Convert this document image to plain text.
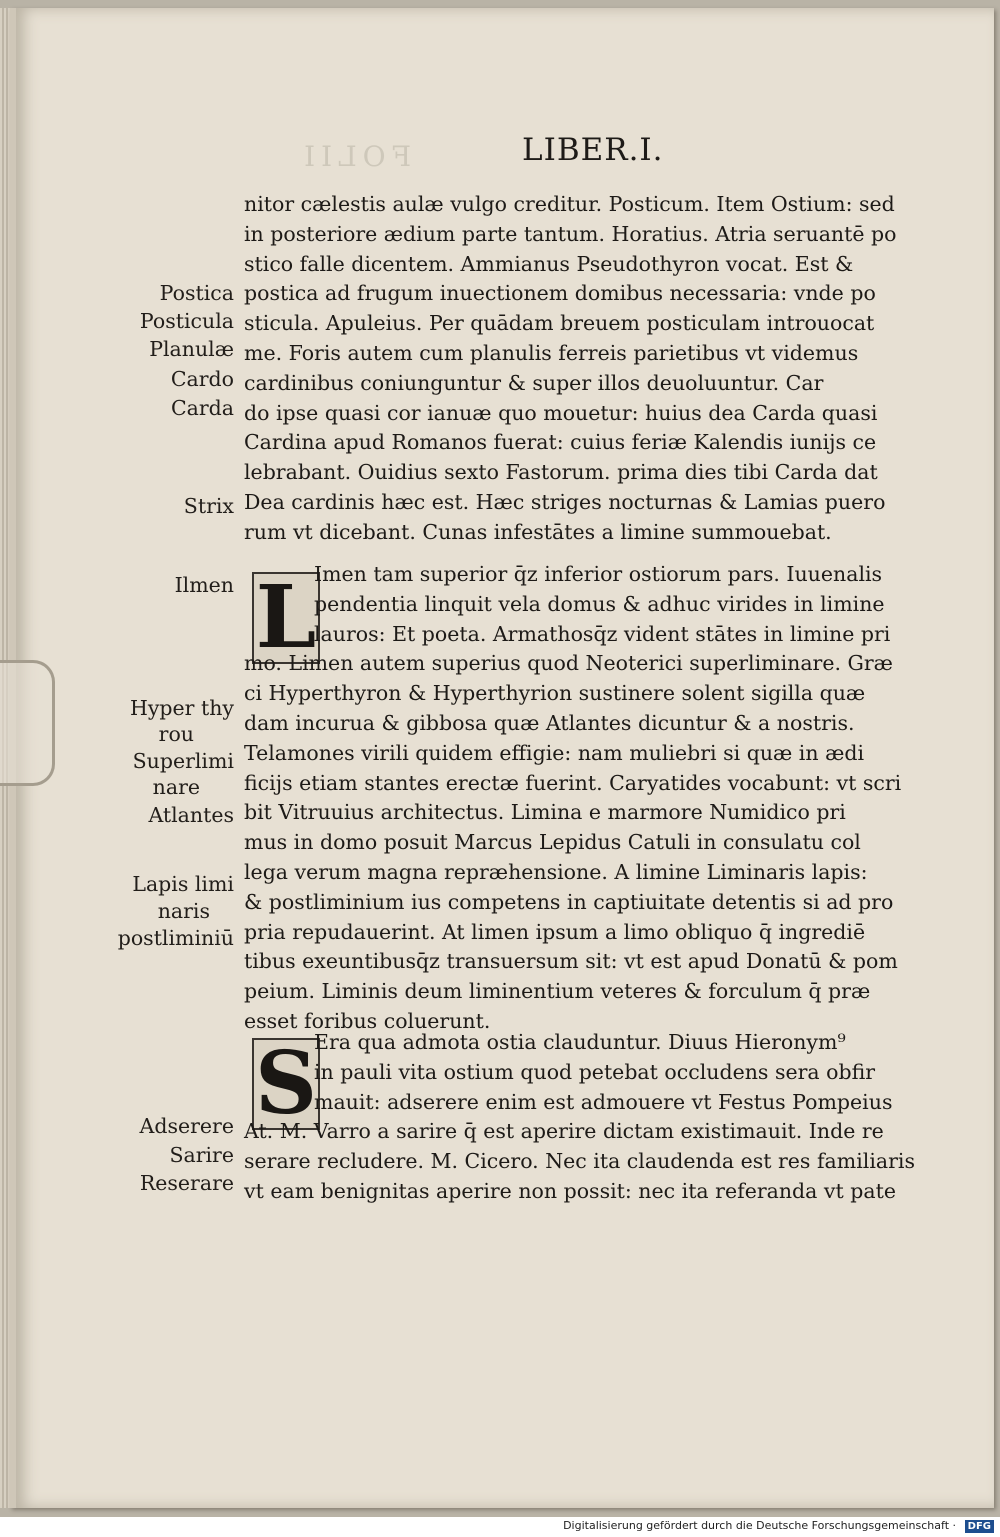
FOLII	LIBER.I.
nitor cælestis aulæ vulgo creditur. Posticum. Item Ostium: sed
in posteriore ædium parte tantum. Horatius. Atria seruantē po
stico falle dicentem. Ammianus Pseudothyron vocat. Est &
postica ad frugum inuectionem domibus necessaria: vnde po
sticula. Apuleius. Per quādam breuem posticulam introuocat
me. Foris autem cum planulis ferreis parietibus vt videmus
cardinibus coniunguntur & super illos deuoluuntur. Car
do ipse quasi cor ianuæ quo mouetur: huius dea Carda quasi
Cardina apud Romanos fuerat: cuius feriæ Kalendis iunijs ce
lebrabant. Ouidius sexto Fastorum. prima dies tibi Carda dat
Dea cardinis hæc est. Hæc striges nocturnas & Lamias puero
rum vt dicebant. Cunas infestātes a limine summouebat.
L
Imen tam superior q̄z inferior ostiorum pars. Iuuenalis
pendentia linquit vela domus & adhuc virides in limine
lauros: Et poeta. Armathosq̄z vident stātes in limine pri
mo. Limen autem superius quod Neoterici superliminare. Græ
ci Hyperthyron & Hyperthyrion sustinere solent sigilla quæ
dam incurua & gibbosa quæ Atlantes dicuntur & a nostris.
Telamones virili quidem effigie: nam muliebri si quæ in ædi
ficijs etiam stantes erectæ fuerint. Caryatides vocabunt: vt scri
bit Vitruuius architectus. Limina e marmore Numidico pri
mus in domo posuit Marcus Lepidus Catuli in consulatu col
lega verum magna repræhensione. A limine Liminaris lapis:
& postliminium ius competens in captiuitate detentis si ad pro
pria repudauerint. At limen ipsum a limo obliquo q̄ ingrediē
tibus exeuntibusq̄z transuersum sit: vt est apud Donatū & pom
peium. Liminis deum liminentium veteres & forculum q̄ præ
esset foribus coluerunt.
S
Era qua admota ostia clauduntur. Diuus Hieronym⁹
in pauli vita ostium quod petebat occludens sera obfir
mauit: adserere enim est admouere vt Festus Pompeius
At. M. Varro a sarire q̄ est aperire dictam existimauit. Inde re
serare recludere. M. Cicero. Nec ita claudenda est res familiaris
vt eam benignitas aperire non possit: nec ita referanda vt pate
Postica
Posticula
Planulæ
Cardo
Carda
Strix
Ilmen
Hyper thy
rou
Superlimi
nare
Atlantes
Lapis limi
naris
postliminiū
Adserere
Sarire
Reserare
Digitalisierung gefördert durch die Deutsche Forschungsgemeinschaft ·	DFG
